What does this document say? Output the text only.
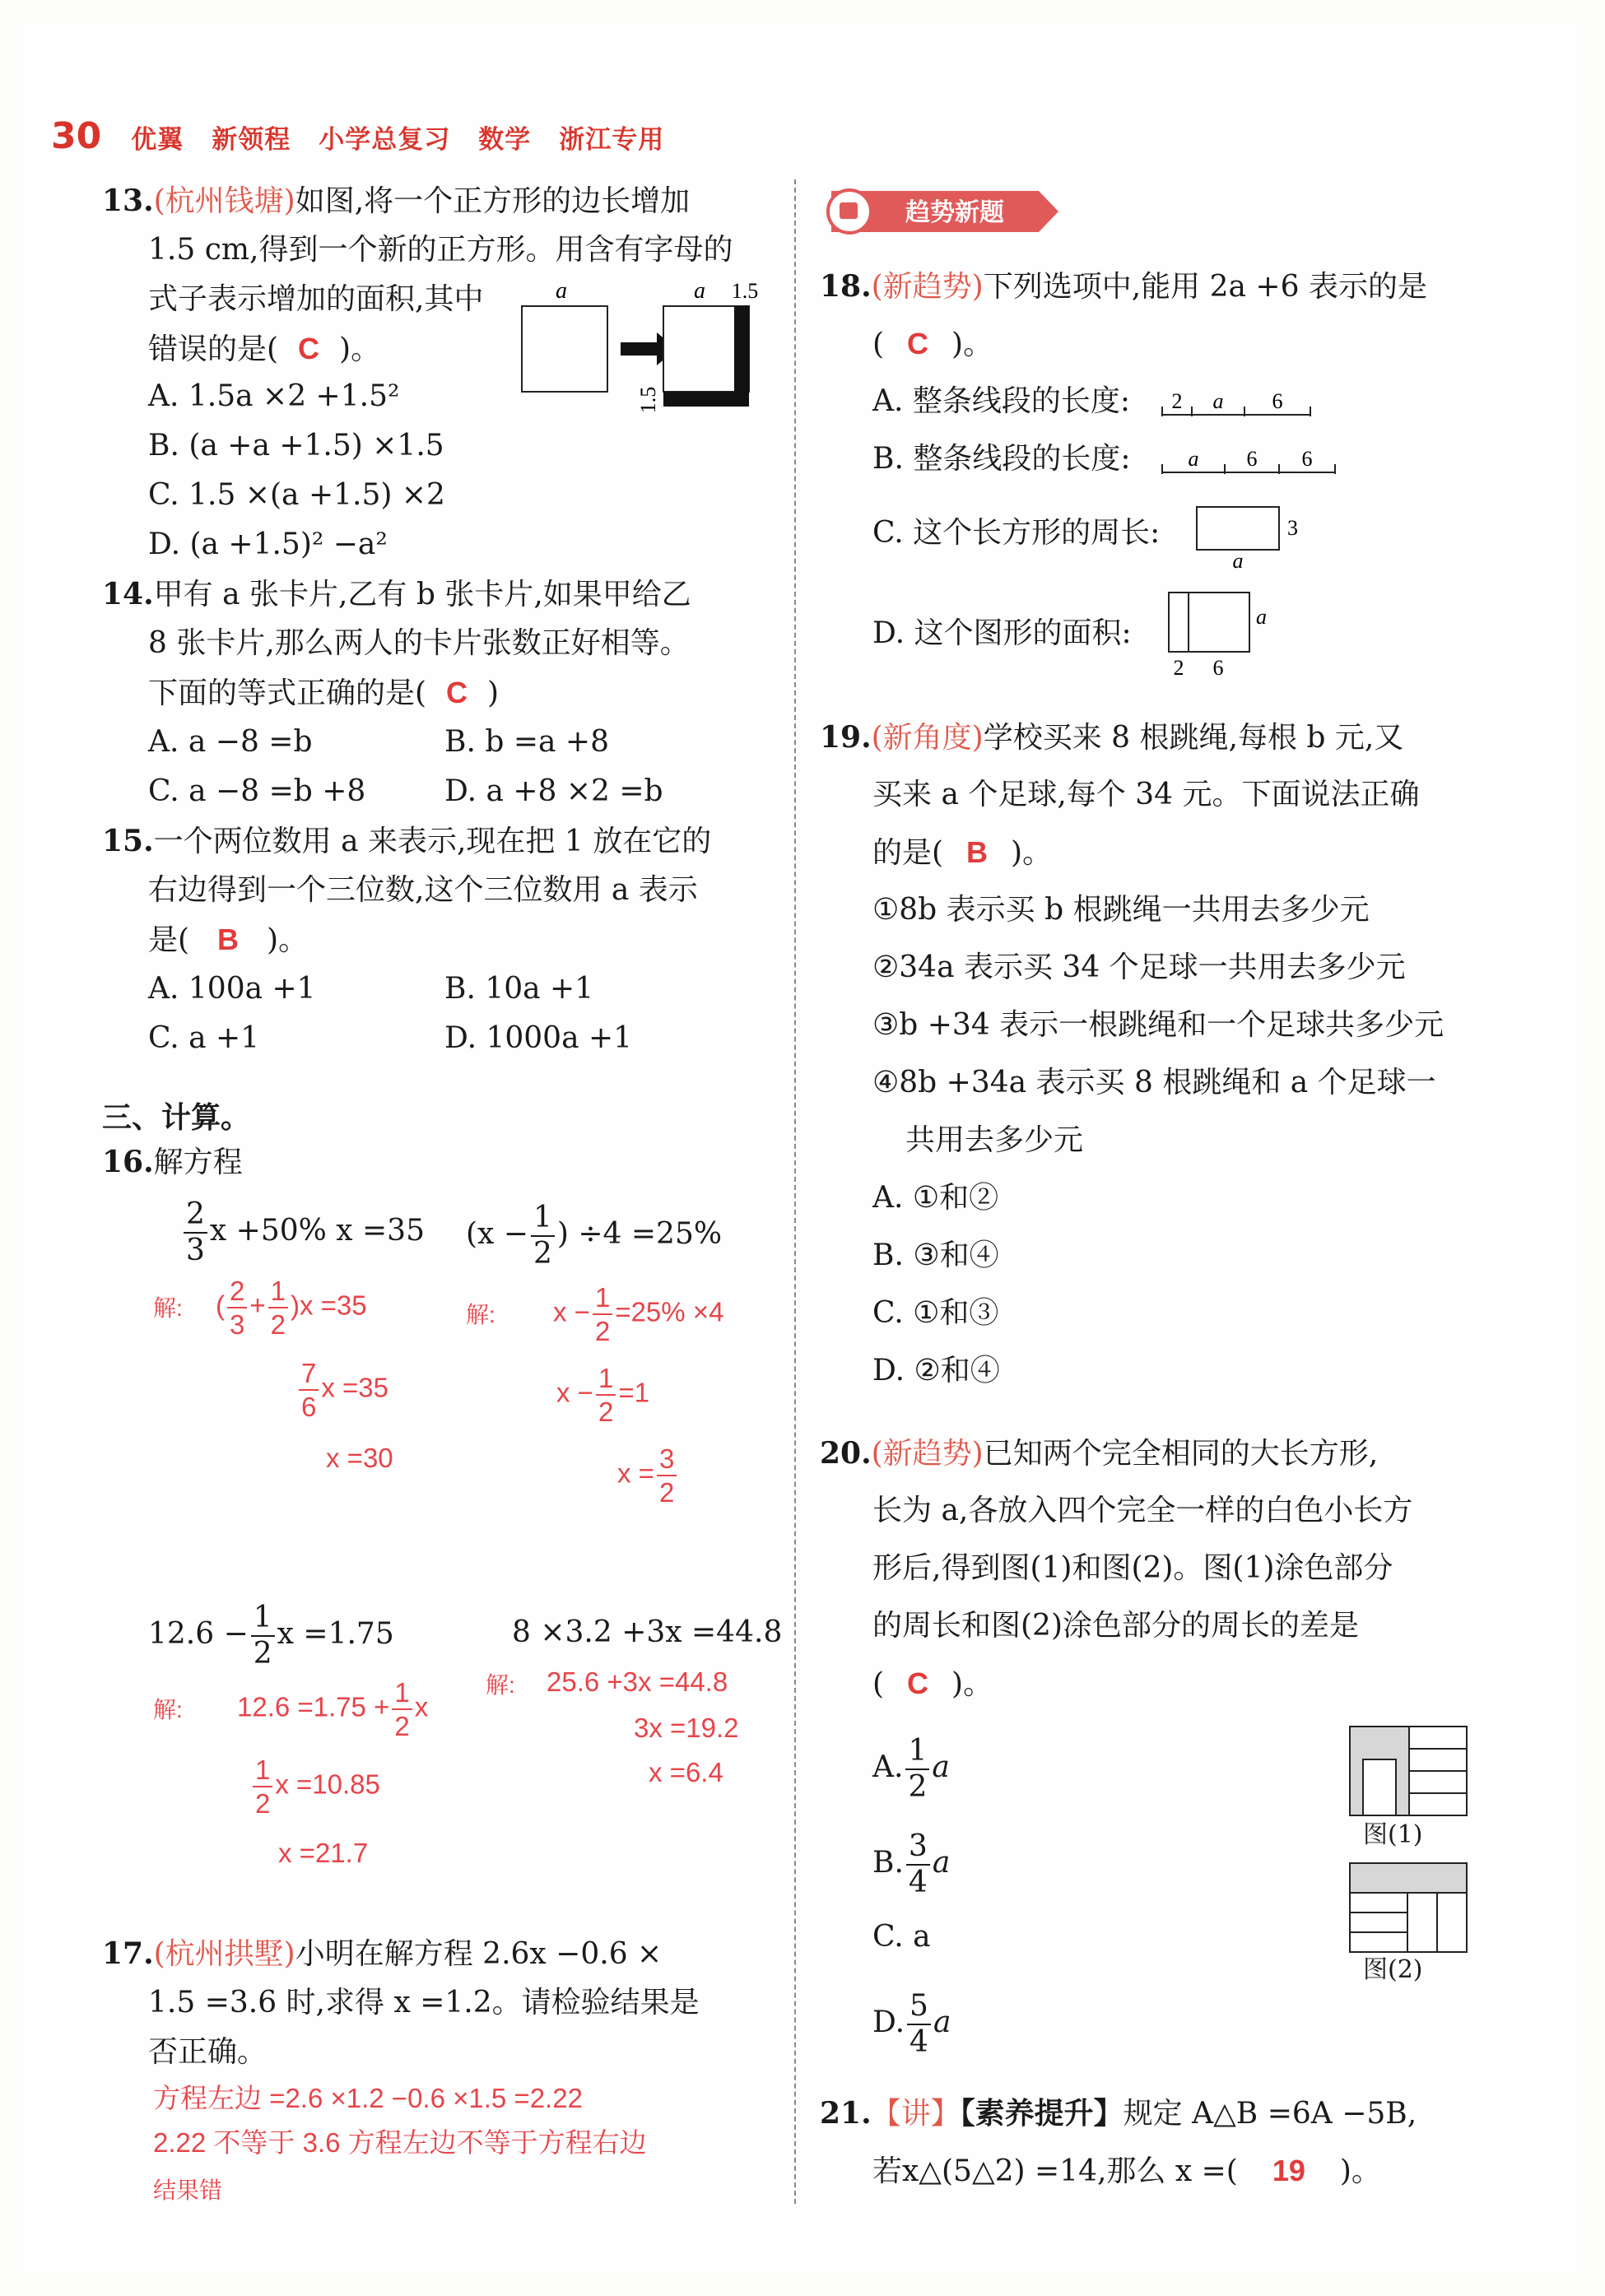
30 优翼 新领程 小学总复习 数学 浙江专用
13.(杭州钱塘)如图,将一个正方形的边长增加
1.5 cm,得到一个新的正方形。用含有字母的
式子表示增加的面积,其中
错误的是( C )。
A. 1.5a ×2 +1.5²
B. (a +a +1.5) ×1.5
C. 1.5 ×(a +1.5) ×2
D. (a +1.5)² −a²
a	a 1.5
1.5
14.甲有 a 张卡片,乙有 b 张卡片,如果甲给乙
8 张卡片,那么两人的卡片张数正好相等。
下面的等式正确的是( C )
A. a −8 =b	B. b =a +8
C. a −8 =b +8	D. a +8 ×2 =b
15.一个两位数用 a 来表示,现在把 1 放在它的
右边得到一个三位数,这个三位数用 a 表示
是( B )。
A. 100a +1	B. 10a +1
C. a +1	D. 1000a +1
三、计算。
16.解方程
$\frac{2}{3}$ x +50% x =35 ($x - \frac{1}{2}$ ) ÷4 =25%
解: ( $\frac{2}{3} + \frac{1}{2} )x =35$
$\frac{7}{6}$ x =35
x =30
解: $x - \frac{1}{2} =25\% \times 4$
$x - \frac{1}{2} =1$
$x = \frac{3}{2}$
$12.6 - \frac{1}{2}$ x =1.75	8 ×3.2 +3x =44.8
解: 25.6 +3x =44.8
3x =19.2
x =6.4
解: $12.6 =1.75 + \frac{1}{2}$ x
$\frac{1}{2}$ x =10.85
x =21.7
17.(杭州拱墅)小明在解方程 2.6x −0.6 ×
1.5 =3.6 时,求得 x =1.2。请检验结果是
否正确。
方程左边 =2.6 ×1.2 −0.6 ×1.5 =2.22
2.22 不等于 3.6 方程左边不等于方程右边
结果错
趋势新题
18.(新趋势)下列选项中,能用 2a +6 表示的是
( C )。
A. 整条线段的长度: 2 a 6
B. 整条线段的长度:	a 6 6
C. 这个长方形的周长:	3
a
D. 这个图形的面积:	a
2 6
19.(新角度)学校买来 8 根跳绳,每根 b 元,又
买来 a 个足球,每个 34 元。下面说法正确
的是( B )。
①8b 表示买 b 根跳绳一共用去多少元
②34a 表示买 34 个足球一共用去多少元
③b +34 表示一根跳绳和一个足球共多少元
④8b +34a 表示买 8 根跳绳和 a 个足球一
共用去多少元
A. ①和②
B. ③和④
C. ①和③
D. ②和④
20.(新趋势)已知两个完全相同的大长方形,
长为 a,各放入四个完全一样的白色小长方
形后,得到图(1)和图(2)。图(1)涂色部分
的周长和图(2)涂色部分的周长的差是
( C )。
A. $\frac{1}{2}$ a
B. $\frac{3}{4}$ a
C. a
D. $\frac{5}{4}$ a
图(1)
图(2)
21.【讲】【素养提升】规定 A△B =6A −5B,
若x△(5△2) =14,那么 x =( 19 )。
